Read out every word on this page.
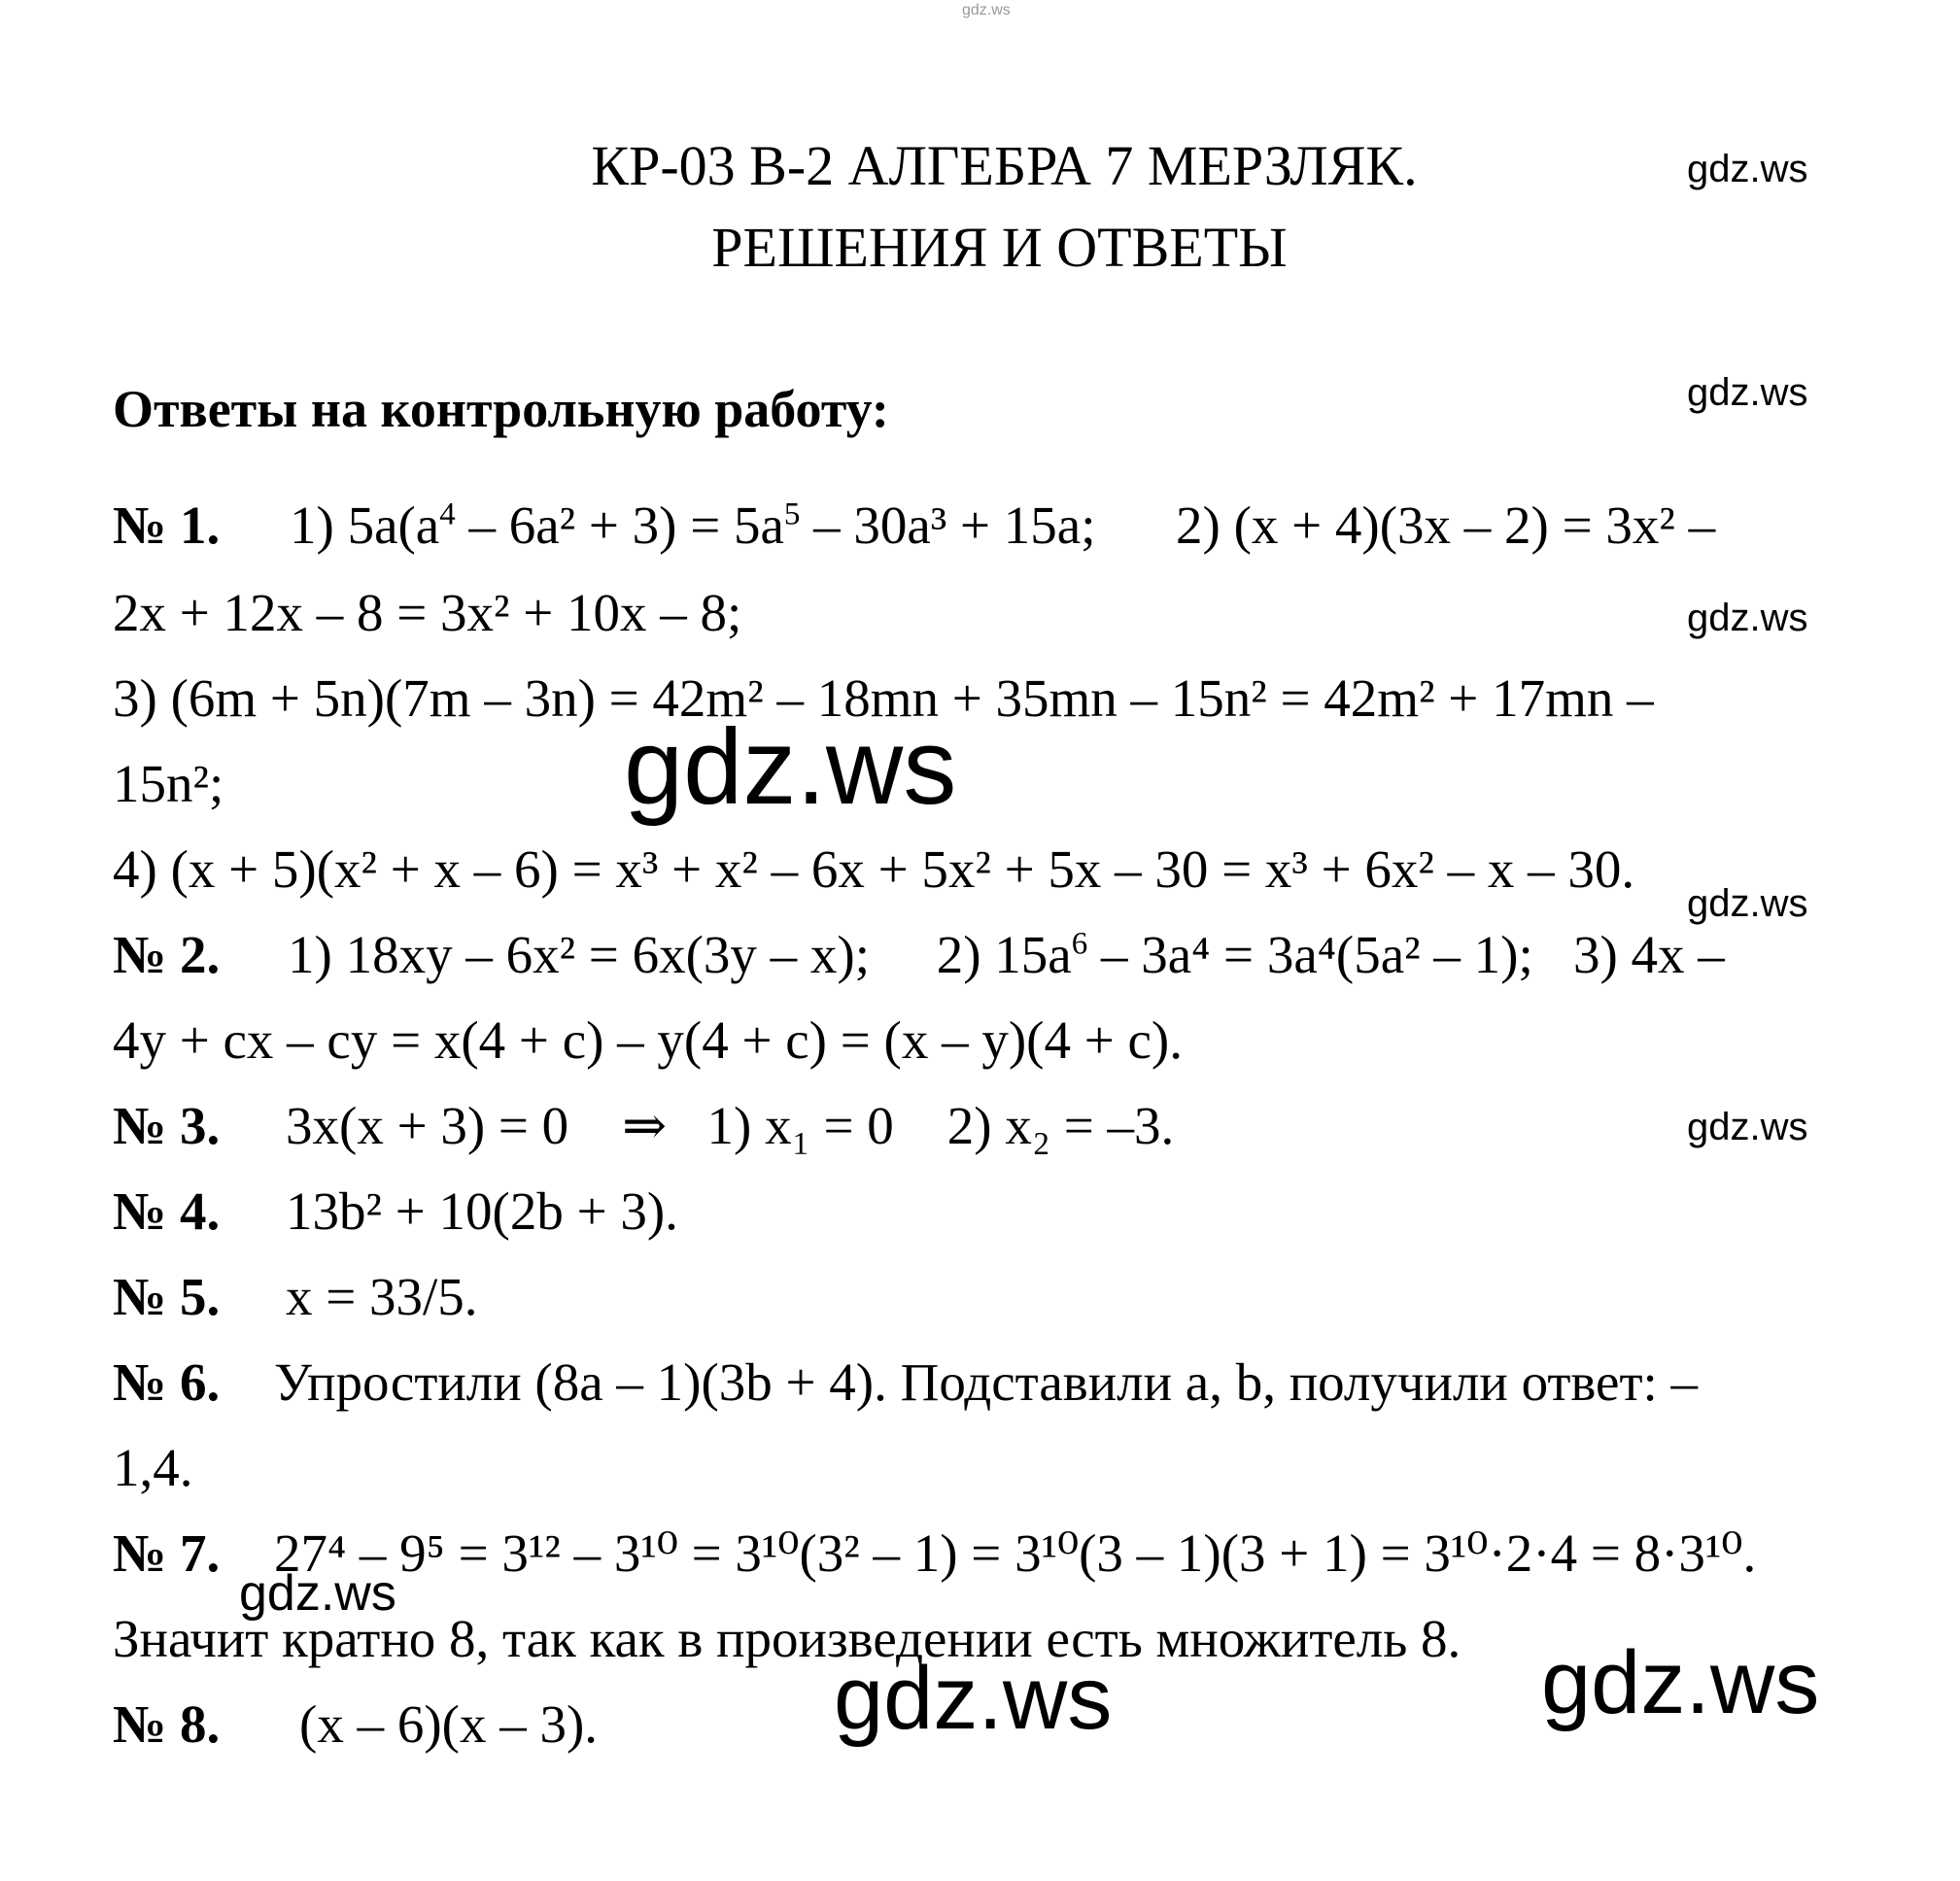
gdz.ws
КР-03 В-2 АЛГЕБРА 7 МЕРЗЛЯК.
РЕШЕНИЯ И ОТВЕТЫ
gdz.ws
gdz.ws
gdz.ws
gdz.ws
gdz.ws
Ответы на контрольную работу:
№ 1. 1) $5a(a^4 - 6a^2 + 3) = 5a^5 - 30a^3 + 15a$;      2) (x + 4)(3x – 2) = 3x² –
2x + 12x – 8 = 3x² + 10x – 8;
3) (6m + 5n)(7m – 3n) = 42m² – 18mn + 35mn – 15n² = 42m² + 17mn –
15n²;
4) (x + 5)(x² + x – 6) = x³ + x² – 6x + 5x² + 5x – 30 = x³ + 6x² – x – 30.
gdz.ws
№ 2. 1) 18xy – 6x² = 6x(3y – x);     2) $15a^6 - 3a^4 = 3a^4(5a^2 - 1)$;   3) 4x –
4y + cx – cy = x(4 + c) – y(4 + c) = (x – y)(4 + c).
№ 3. 3x(x + 3) = 0    ⇒   1) x₁ = 0    2) x₂ = –3.
№ 4. 13b² + 10(2b + 3).
№ 5. x = 33/5.
№ 6. Упростили (8a – 1)(3b + 4). Подставили a, b, получили ответ: –
1,4.
№ 7. 27⁴ – 9⁵ = 3¹² – 3¹⁰ = 3¹⁰(3² – 1) = 3¹⁰(3 – 1)(3 + 1) = 3¹⁰·2·4 = 8·3¹⁰.
gdz.ws
Значит кратно 8, так как в произведении есть множитель 8.
№ 8. (x – 6)(x – 3).	gdz.ws	gdz.ws
